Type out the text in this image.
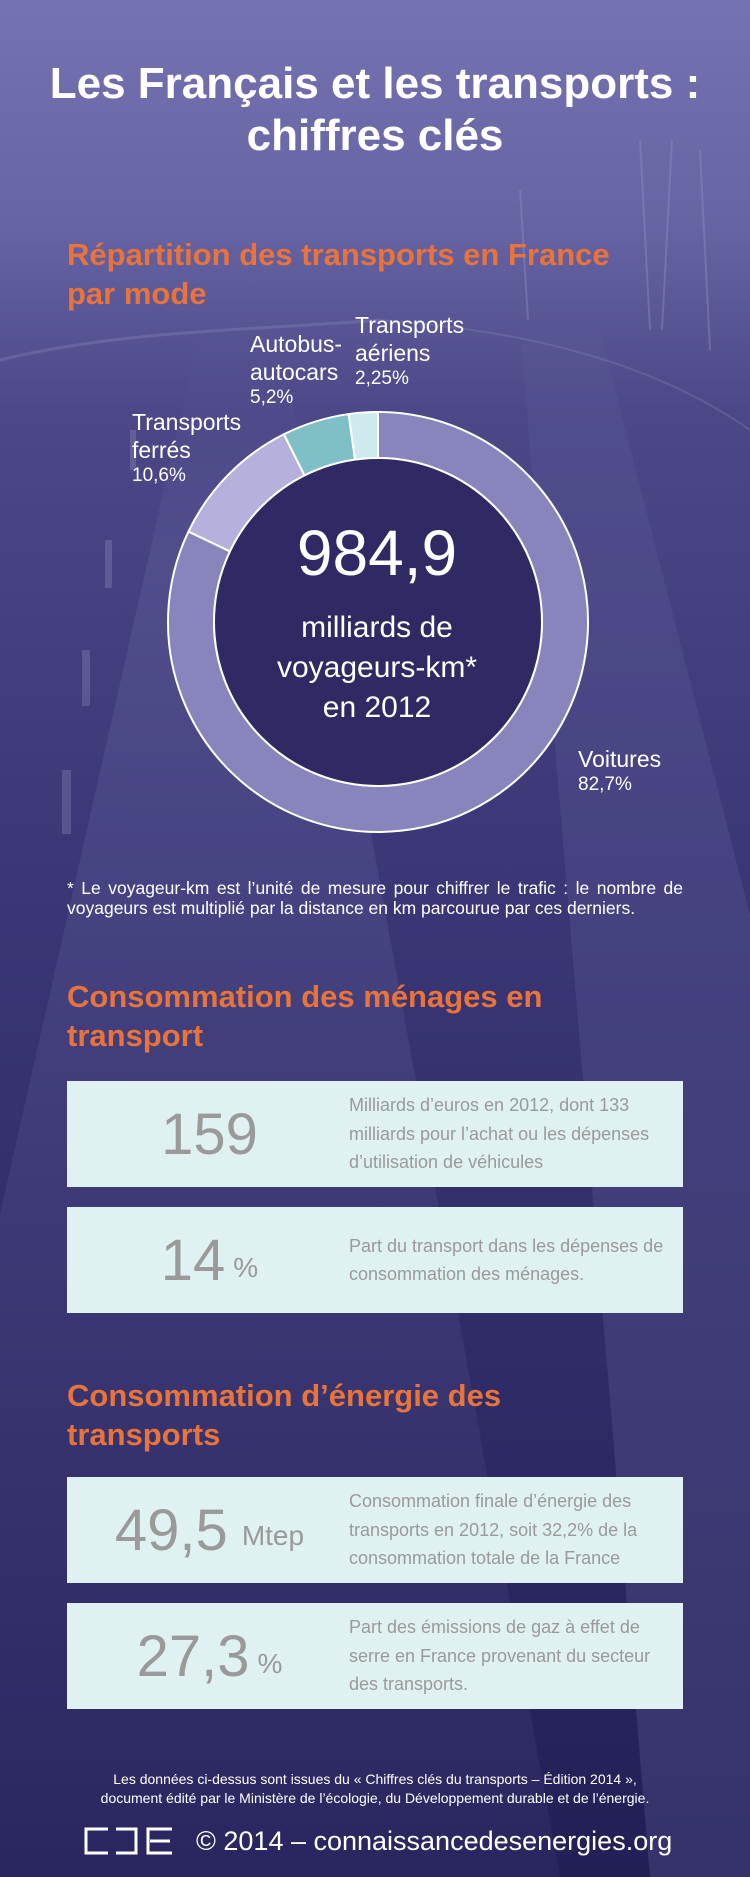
Les Français et les transports :
chiffres clés
Répartition des transports en France
par mode
Transports
ferrés
10,6%
Autobus-
autocars
5,2%
Transports
aériens
2,25%
Voitures
82,7%
984,9
milliards de
voyageurs-km*
en 2012
* Le voyageur-km est l’unité de mesure pour chiffrer le trafic : le nombre de voyageurs est multiplié par la distance en km parcourue par ces derniers.
Consommation des ménages en
transport
159	Milliards d’euros en 2012, dont 133 milliards pour l’achat ou les dépenses d’utilisation de véhicules
14 %
Part du transport dans les dépenses de consommation des ménages.
Consommation d’énergie des
transports
49,5 Mtep
Consommation finale d’énergie des transports en 2012, soit 32,2% de la consommation totale de la France
27,3 %
Part des émissions de gaz à effet de serre en France provenant du secteur des transports.
Les données ci-dessus sont issues du « Chiffres clés du transports – Édition 2014 »,
document édité par le Ministère de l’écologie, du Développement durable et de l’énergie.
© 2014 – connaissancedesenergies.org
